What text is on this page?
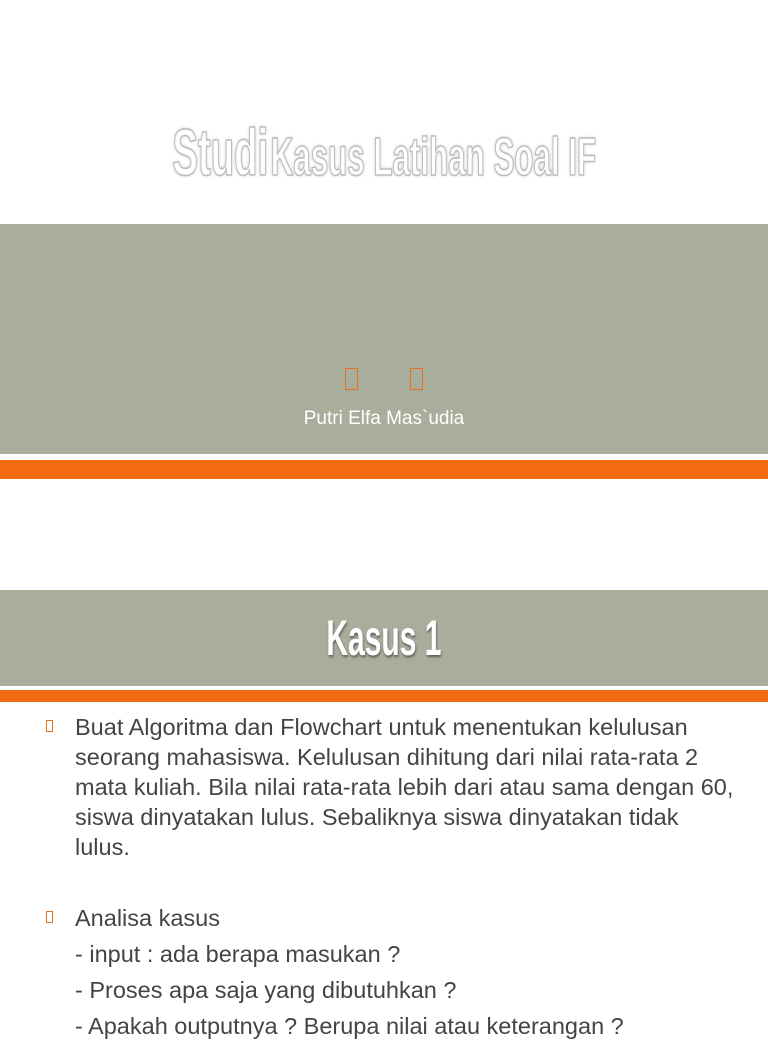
Studi Kasus Latihan Soal IF
Putri Elfa Mas`udia
Kasus 1
Buat Algoritma dan Flowchart untuk menentukan kelulusan seorang mahasiswa. Kelulusan dihitung dari nilai rata-rata 2 mata kuliah. Bila nilai rata-rata lebih dari atau sama dengan 60, siswa dinyatakan lulus. Sebaliknya siswa dinyatakan tidak lulus.
Analisa kasus
- input : ada berapa masukan ?
- Proses apa saja yang dibutuhkan ?
- Apakah outputnya ? Berupa nilai atau keterangan ?
